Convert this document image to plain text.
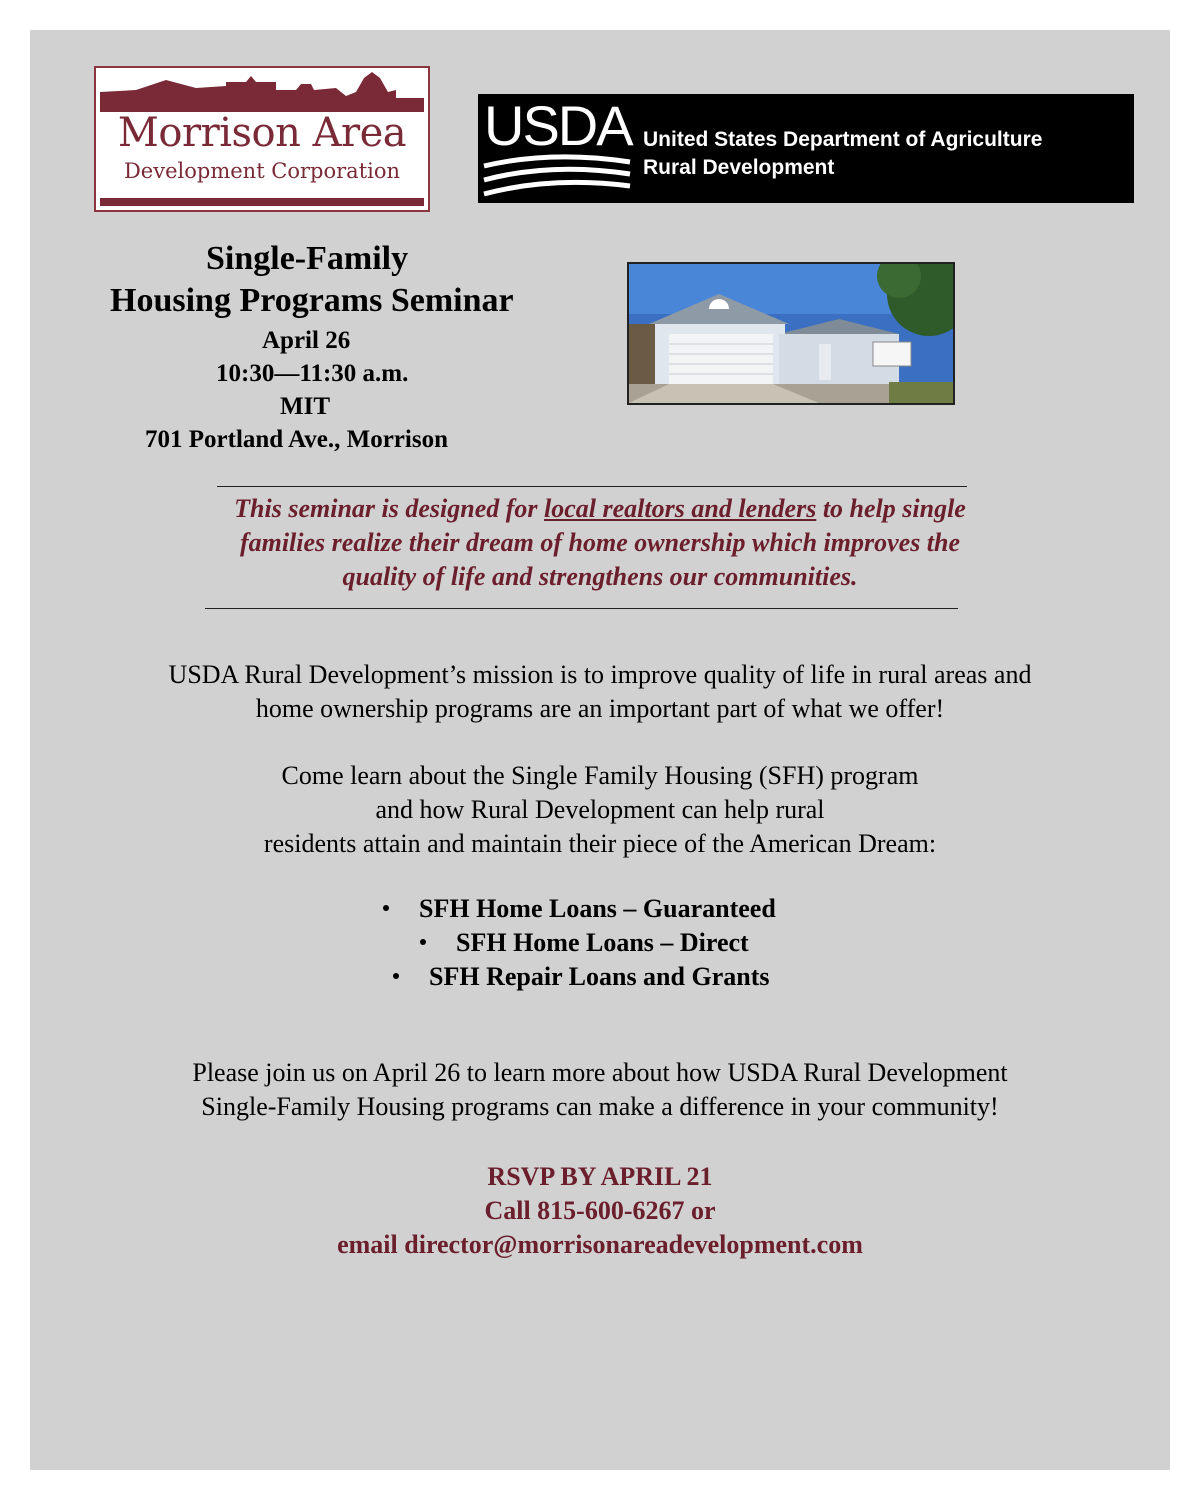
Morrison Area
Development Corporation
USDA United States Department of Agriculture
Rural Development
Single-Family
Housing Programs Seminar
April 26
10:30—11:30 a.m.
MIT
701 Portland Ave., Morrison
This seminar is designed for local realtors and lenders to help single families realize their dream of home ownership which improves the quality of life and strengthens our communities.
USDA Rural Development’s mission is to improve quality of life in rural areas and
home ownership programs are an important part of what we offer!
Come learn about the Single Family Housing (SFH) program
and how Rural Development can help rural
residents attain and maintain their piece of the American Dream:
SFH Home Loans – Guaranteed
SFH Home Loans – Direct
SFH Repair Loans and Grants
Please join us on April 26 to learn more about how USDA Rural Development
Single-Family Housing programs can make a difference in your community!
RSVP BY APRIL 21
Call 815-600-6267 or
email director@morrisonareadevelopment.com
